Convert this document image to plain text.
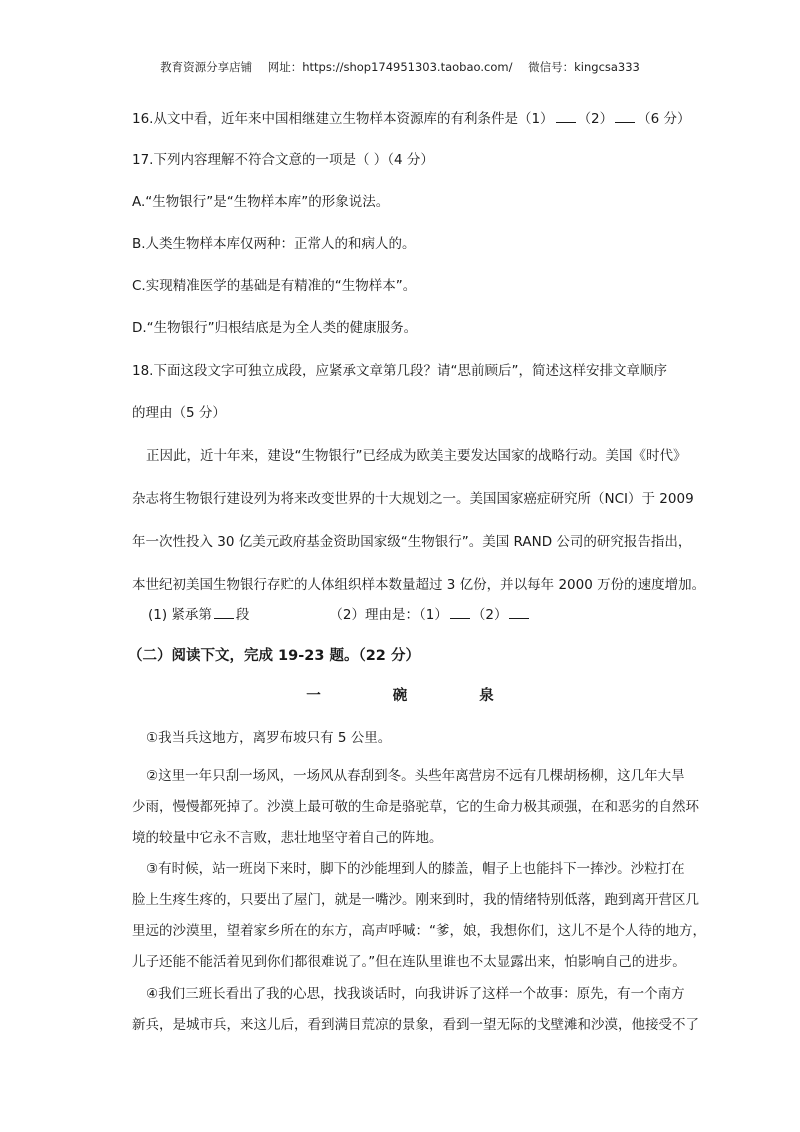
教育资源分享店铺 网址：https://shop174951303.taobao.com/ 微信号：kingcsa333
16.从文中看，近年来中国相继建立生物样本资源库的有利条件是（1） （2） （6 分）
17.下列内容理解不符合文意的一项是（ ）（4 分）
A.“生物银行”是“生物样本库”的形象说法。
B.人类生物样本库仅两种：正常人的和病人的。
C.实现精准医学的基础是有精准的“生物样本”。
D.“生物银行”归根结底是为全人类的健康服务。
18.下面这段文字可独立成段，应紧承文章第几段？请“思前顾后”，简述这样安排文章顺序
的理由（5 分）
正因此，近十年来，建设“生物银行”已经成为欧美主要发达国家的战略行动。美国《时代》
杂志将生物银行建设列为将来改变世界的十大规划之一。美国国家癌症研究所（NCI）于 2009
年一次性投入 30 亿美元政府基金资助国家级“生物银行”。美国 RAND 公司的研究报告指出，
本世纪初美国生物银行存贮的人体组织样本数量超过 3 亿份，并以每年 2000 万份的速度增加。
(1) 紧承第 段	（2）理由是：（1） （2）
（二）阅读下文，完成 19-23 题。（22 分）
一	碗	泉
①我当兵这地方，离罗布坡只有 5 公里。
②这里一年只刮一场风，一场风从春刮到冬。头些年离营房不远有几棵胡杨柳，这几年大旱
少雨，慢慢都死掉了。沙漠上最可敬的生命是骆驼草，它的生命力极其顽强，在和恶劣的自然环
境的较量中它永不言败，悲壮地坚守着自己的阵地。
③有时候，站一班岗下来时，脚下的沙能埋到人的膝盖，帽子上也能抖下一捧沙。沙粒打在
脸上生疼生疼的，只要出了屋门，就是一嘴沙。刚来到时，我的情绪特别低落，跑到离开营区几
里远的沙漠里，望着家乡所在的东方，高声呼喊：“爹，娘，我想你们，这儿不是个人待的地方，
儿子还能不能活着见到你们都很难说了。”但在连队里谁也不太显露出来，怕影响自己的进步。
④我们三班长看出了我的心思，找我谈话时，向我讲诉了这样一个故事：原先，有一个南方
新兵，是城市兵，来这儿后，看到满目荒凉的景象，看到一望无际的戈壁滩和沙漠，他接受不了
